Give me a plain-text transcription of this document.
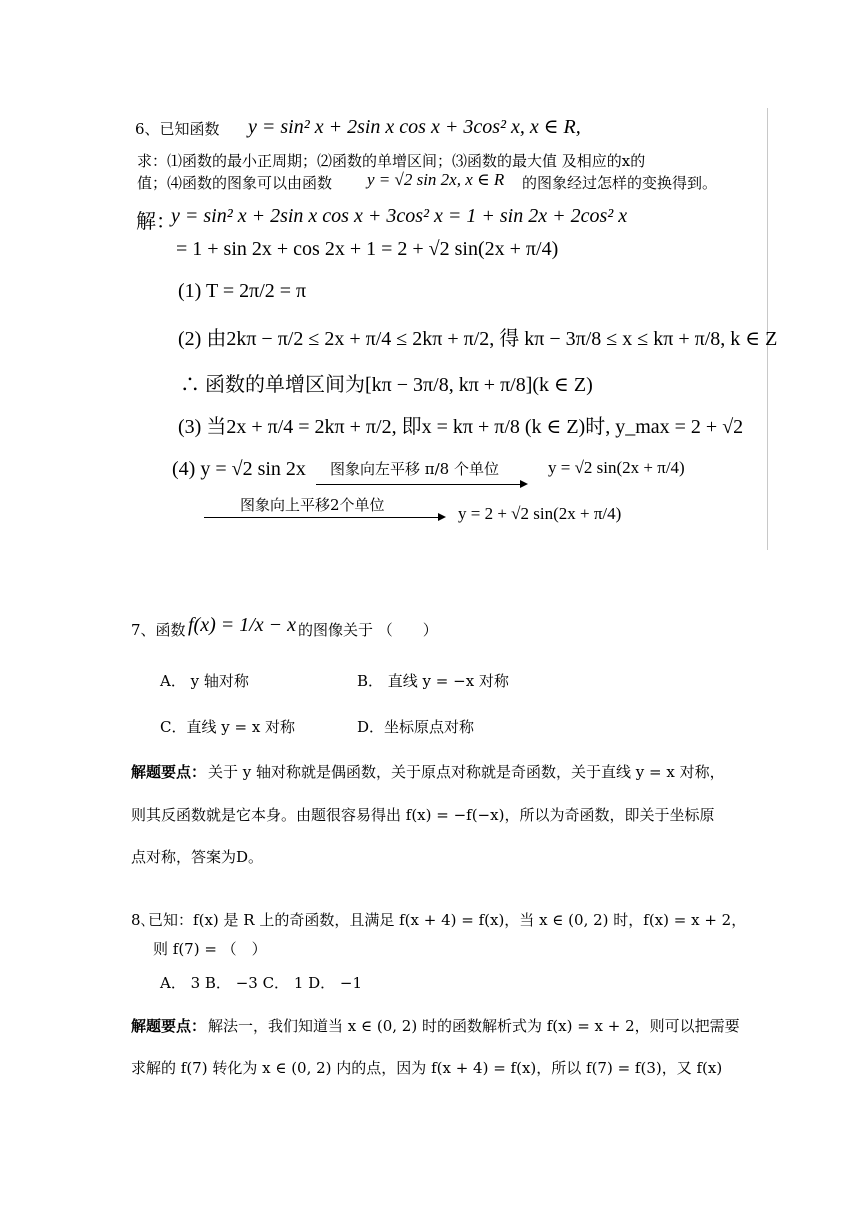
6、已知函数 y = sin² x + 2sin x cos x + 3cos² x, x ∈ R,
求：⑴函数的最小正周期；⑵函数的单增区间；⑶函数的最大值 及相应的x的
值；⑷函数的图象可以由函数 y = √2 sin 2x, x ∈ R 的图象经过怎样的变换得到。
解：
y = sin² x + 2sin x cos x + 3cos² x = 1 + sin 2x + 2cos² x
= 1 + sin 2x + cos 2x + 1 = 2 + √2 sin(2x + π/4)
(1) T = 2π/2 = π
(2) 由2kπ − π/2 ≤ 2x + π/4 ≤ 2kπ + π/2, 得 kπ − 3π/8 ≤ x ≤ kπ + π/8, k ∈ Z
∴ 函数的单增区间为[kπ − 3π/8, kπ + π/8](k ∈ Z)
(3) 当2x + π/4 = 2kπ + π/2, 即x = kπ + π/8 (k ∈ Z)时, y_max = 2 + √2
(4) y = √2 sin 2x 图象向左平移 π/8 个单位	y = √2 sin(2x + π/4)
图象向上平移2个单位	y = 2 + √2 sin(2x + π/4)
7、函数 f(x) = 1/x − x 的图像关于 （　　）
A． y 轴对称	B． 直线 y = −x 对称
C．直线 y = x 对称	D．坐标原点对称
解题要点： 关于 y 轴对称就是偶函数，关于原点对称就是奇函数，关于直线 y = x 对称，
则其反函数就是它本身。由题很容易得出 f(x) = −f(−x)，所以为奇函数，即关于坐标原
点对称，答案为D。
8､已知：f(x) 是 R 上的奇函数，且满足 f(x + 4) = f(x)，当 x ∈ (0, 2) 时，f(x) = x + 2，
则 f(7) = （　）
A． 3 B． −3 C． 1 D． −1
解题要点： 解法一，我们知道当 x ∈ (0, 2) 时的函数解析式为 f(x) = x + 2，则可以把需要
求解的 f(7) 转化为 x ∈ (0, 2) 内的点，因为 f(x + 4) = f(x)，所以 f(7) = f(3)，又 f(x)
